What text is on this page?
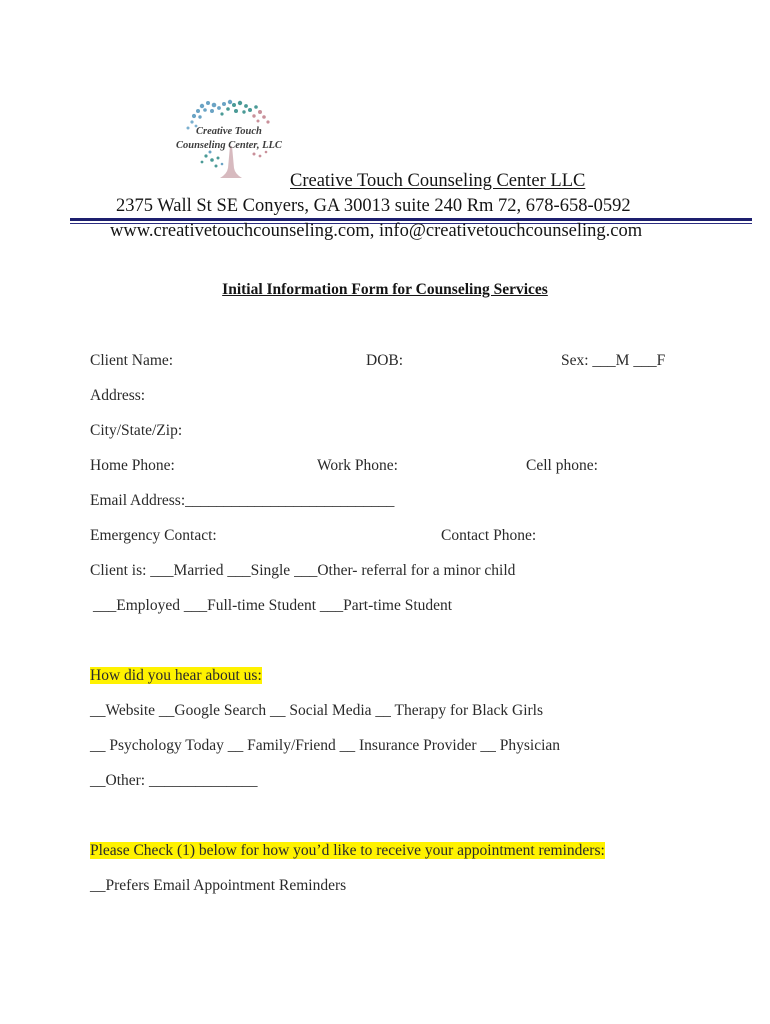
Creative Touch
Counseling Center, LLC
Creative Touch Counseling Center LLC
2375 Wall St SE Conyers, GA 30013 suite 240 Rm 72, 678-658-0592
www.creativetouchcounseling.com, info@creativetouchcounseling.com
Initial Information Form for Counseling Services
Client Name:	DOB:	Sex: ___M ___F
Address:
City/State/Zip:
Home Phone:	Work Phone:	Cell phone:
Email Address:___________________________
Emergency Contact:	Contact Phone:
Client is: ___Married ___Single ___Other- referral for a minor child
___Employed ___Full-time Student ___Part-time Student
How did you hear about us:
__Website __Google Search __ Social Media __ Therapy for Black Girls
__ Psychology Today __ Family/Friend __ Insurance Provider __ Physician
__Other: ______________
Please Check (1) below for how you’d like to receive your appointment reminders:
__Prefers Email Appointment Reminders
